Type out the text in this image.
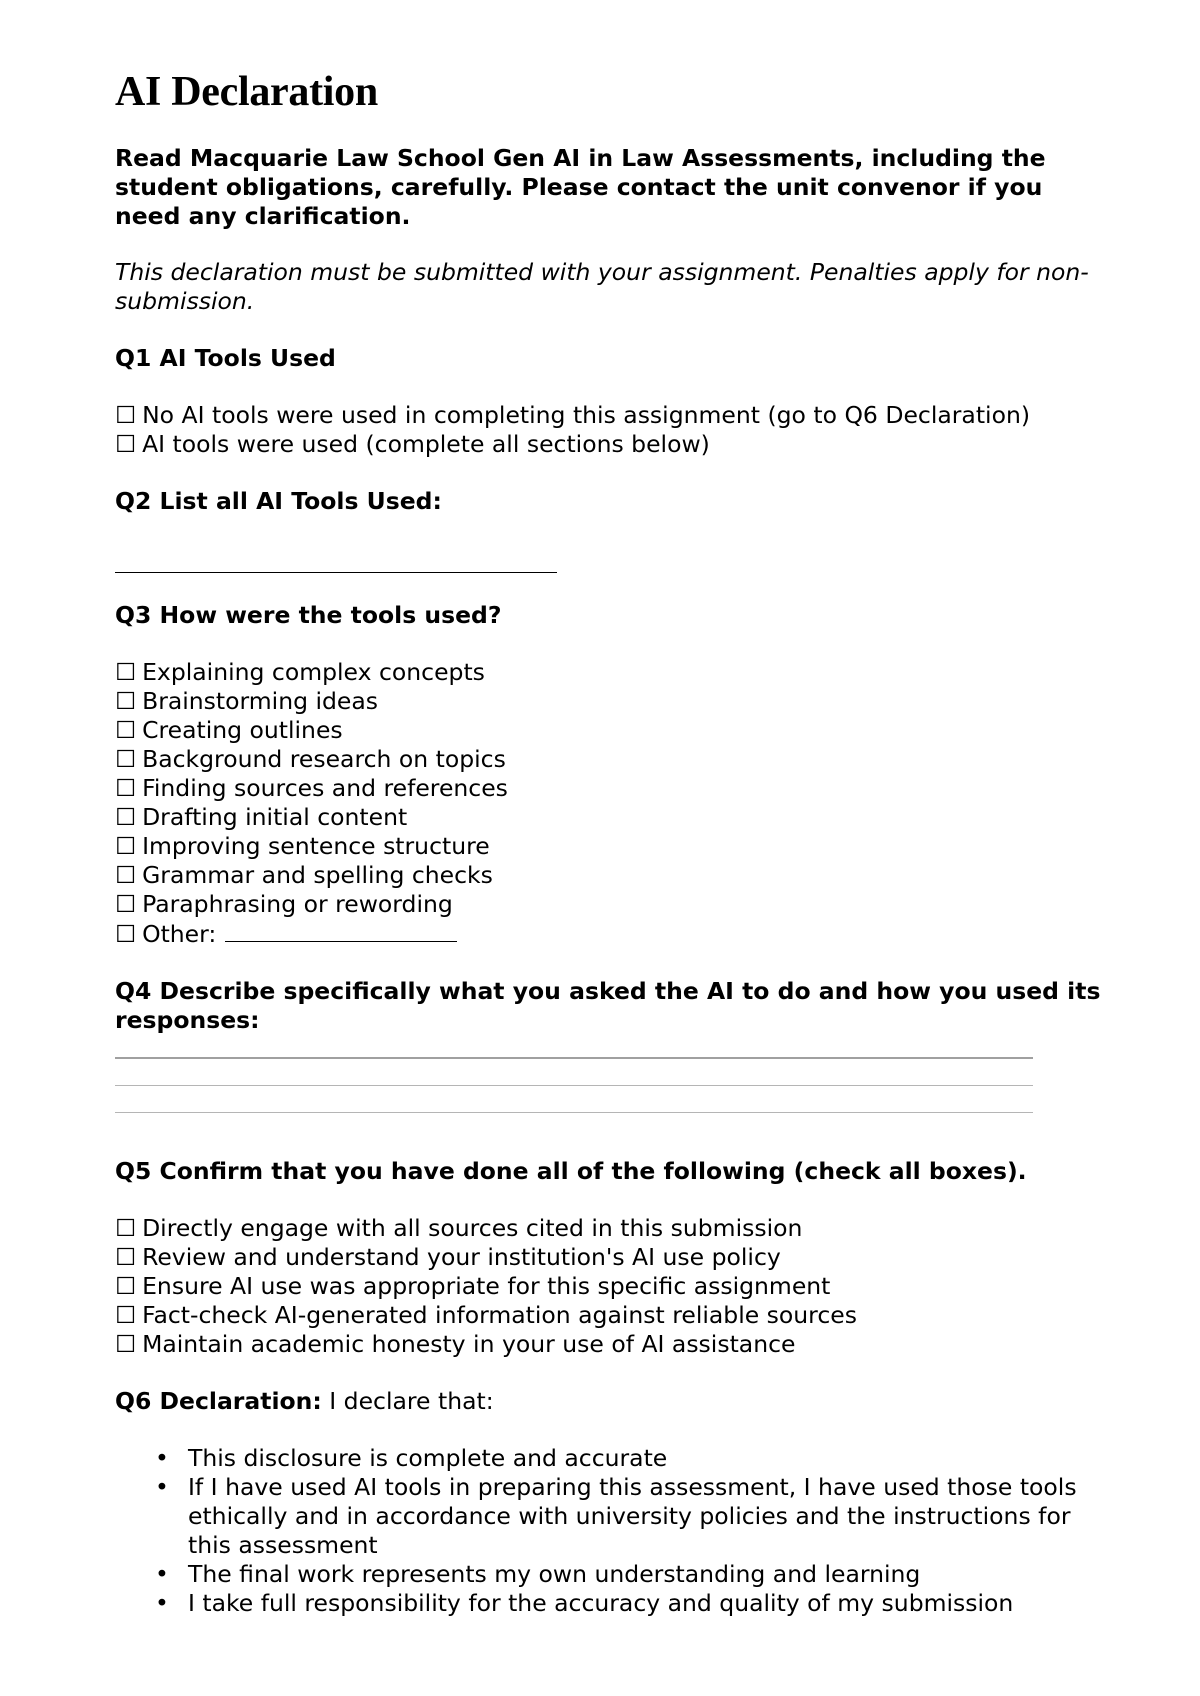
AI Declaration

Read Macquarie Law School Gen AI in Law Assessments, including the student obligations, carefully. Please contact the unit convenor if you need any clarification.

This declaration must be submitted with your assignment. Penalties apply for non-submission.

Q1 AI Tools Used

☐ No AI tools were used in completing this assignment (go to Q6 Declaration)
☐ AI tools were used (complete all sections below)

Q2 List all AI Tools Used:

Q3 How were the tools used?

☐ Explaining complex concepts
☐ Brainstorming ideas
☐ Creating outlines
☐ Background research on topics
☐ Finding sources and references
☐ Drafting initial content
☐ Improving sentence structure
☐ Grammar and spelling checks
☐ Paraphrasing or rewording
☐ Other:

Q4 Describe specifically what you asked the AI to do and how you used its responses:

Q5 Confirm that you have done all of the following (check all boxes).

☐ Directly engage with all sources cited in this submission
☐ Review and understand your institution's AI use policy
☐ Ensure AI use was appropriate for this specific assignment
☐ Fact-check AI-generated information against reliable sources
☐ Maintain academic honesty in your use of AI assistance

Q6 Declaration: I declare that:

• This disclosure is complete and accurate
• If I have used AI tools in preparing this assessment, I have used those tools ethically and in accordance with university policies and the instructions for this assessment
• The final work represents my own understanding and learning
• I take full responsibility for the accuracy and quality of my submission
